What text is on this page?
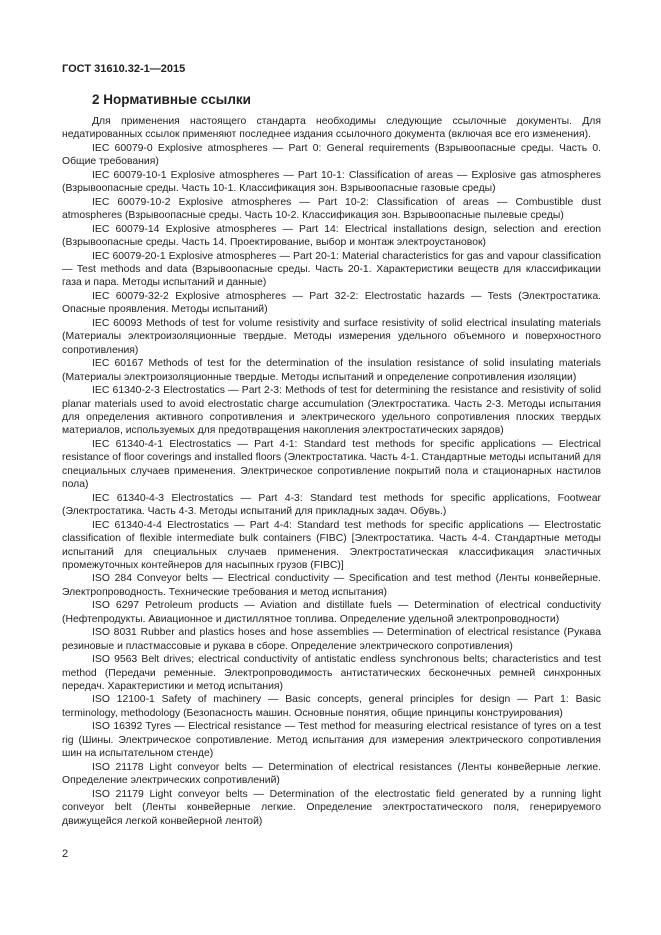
ГОСТ 31610.32-1—2015
2 Нормативные ссылки

Для применения настоящего стандарта необходимы следующие ссылочные документы. Для недатированных ссылок применяют последнее издания ссылочного документа (включая все его изменения).

IEC 60079-0 Explosive atmospheres — Part 0: General requirements (Взрывоопасные среды. Часть 0. Общие требования)

IEC 60079-10-1 Explosive atmospheres — Part 10-1: Classification of areas — Explosive gas atmospheres (Взрывоопасные среды. Часть 10-1. Классификация зон. Взрывоопасные газовые среды)

IEC 60079-10-2 Explosive atmospheres — Part 10-2: Classification of areas — Combustible dust atmospheres (Взрывоопасные среды. Часть 10-2. Классификация зон. Взрывоопасные пылевые среды)

IEC 60079-14 Explosive atmospheres — Part 14: Electrical installations design, selection and erection (Взрывоопасные среды. Часть 14. Проектирование, выбор и монтаж электроустановок)

IEC 60079-20-1 Explosive atmospheres — Part 20-1: Material characteristics for gas and vapour classification — Test methods and data (Взрывоопасные среды. Часть 20-1. Характеристики веществ для классификации газа и пара. Методы испытаний и данные)

IEC 60079-32-2 Explosive atmospheres — Part 32-2: Electrostatic hazards — Tests (Электростатика. Опасные проявления. Методы испытаний)

IEC 60093 Methods of test for volume resistivity and surface resistivity of solid electrical insulating materials (Материалы электроизоляционные твердые. Методы измерения удельного объемного и поверхностного сопротивления)

IEC 60167 Methods of test for the determination of the insulation resistance of solid insulating materials (Материалы электроизоляционные твердые. Методы испытаний и определение сопротивления изоляции)

IEC 61340-2-3 Electrostatics — Part 2-3: Methods of test for determining the resistance and resistivity of solid planar materials used to avoid electrostatic charge accumulation (Электростатика. Часть 2-3. Методы испытания для определения активного сопротивления и электрического удельного сопротивления плоских твердых материалов, используемых для предотвращения накопления электростатических зарядов)

IEC 61340-4-1 Electrostatics — Part 4-1: Standard test methods for specific applications — Electrical resistance of floor coverings and installed floors (Электростатика. Часть 4-1. Стандартные методы испытаний для специальных случаев применения. Электрическое сопротивление покрытий пола и стационарных настилов пола)

IEC 61340-4-3 Electrostatics — Part 4-3: Standard test methods for specific applications, Footwear (Электростатика. Часть 4-3. Методы испытаний для прикладных задач. Обувь.)

IEC 61340-4-4 Electrostatics — Part 4-4: Standard test methods for specific applications — Electrostatic classification of flexible intermediate bulk containers (FIBC) [Электростатика. Часть 4-4. Стандартные методы испытаний для специальных случаев применения. Электростатическая классификация эластичных промежуточных контейнеров для насыпных грузов (FIBC)]

ISO 284 Conveyor belts — Electrical conductivity — Specification and test method (Ленты конвейерные. Электропроводность. Технические требования и метод испытания)

ISO 6297 Petroleum products — Aviation and distillate fuels — Determination of electrical conductivity (Нефтепродукты. Авиационное и дистиллятное топлива. Определение удельной электропроводности)

ISO 8031 Rubber and plastics hoses and hose assemblies — Determination of electrical resistance (Рукава резиновые и пластмассовые и рукава в сборе. Определение электрического сопротивления)

ISO 9563 Belt drives; electrical conductivity of antistatic endless synchronous belts; characteristics and test method (Передачи ременные. Электропроводимость антистатических бесконечных ремней синхронных передач. Характеристики и метод испытания)

ISO 12100-1 Safety of machinery — Basic concepts, general principles for design — Part 1: Basic terminology, methodology (Безопасность машин. Основные понятия, общие принципы конструирования)

ISO 16392 Tyres — Electrical resistance — Test method for measuring electrical resistance of tyres on a test rig (Шины. Электрическое сопротивление. Метод испытания для измерения электрического сопротивления шин на испытательном стенде)

ISO 21178 Light conveyor belts — Determination of electrical resistances (Ленты конвейерные легкие. Определение электрических сопротивлений)

ISO 21179 Light conveyor belts — Determination of the electrostatic field generated by a running light conveyor belt (Ленты конвейерные легкие. Определение электростатического поля, генерируемого движущейся легкой конвейерной лентой)

2
